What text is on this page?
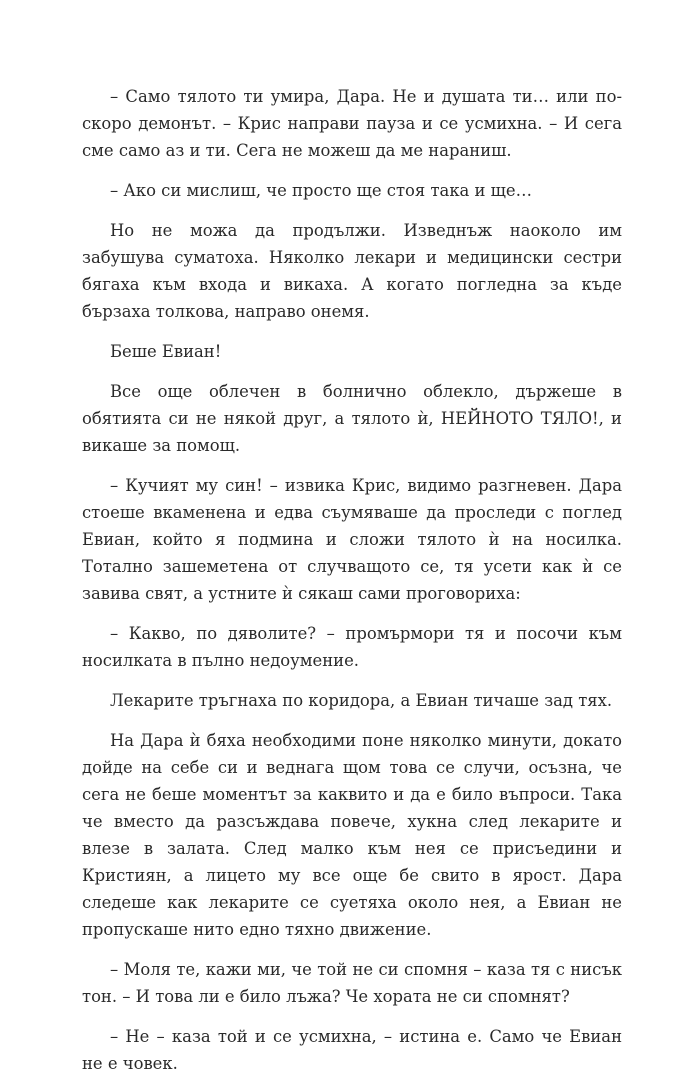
– Само тялото ти умира, Дара. Не и душата ти… или по-скоро демонът. – Крис направи пауза и се усмихна. – И сега сме само аз и ти. Сега не можеш да ме нараниш.

– Ако си мислиш, че просто ще стоя така и ще…

Но не можа да продължи. Изведнъж наоколо им забушува суматоха. Няколко лекари и медицински сестри бягаха към входа и викаха. А когато погледна за къде бързаха толкова, направо онемя.

Беше Евиан!

Все още облечен в болнично облекло, държеше в обятията си не някой друг, а тялото ѝ, НЕЙНОТО ТЯЛО!, и викаше за помощ.

– Кучият му син! – извика Крис, видимо разгневен. Дара стоеше вкаменена и едва съумяваше да проследи с поглед Евиан, който я подмина и сложи тялото ѝ на носилка. Тотално зашеметена от случващото се, тя усети как ѝ се завива свят, а устните ѝ сякаш сами проговориха:

– Какво, по дяволите? – промърмори тя и посочи към носилката в пълно недоумение.

Лекарите тръгнаха по коридора, а Евиан тичаше зад тях.

На Дара ѝ бяха необходими поне няколко минути, докато дойде на себе си и веднага щом това се случи, осъзна, че сега не беше моментът за каквито и да е било въпроси. Така че вместо да разсъждава повече, хукна след лекарите и влезе в залата. След малко към нея се присъедини и Кристиян, а лицето му все още бе свито в ярост. Дара следеше как лекарите се суетяха около нея, а Евиан не пропускаше нито едно тяхно движение.

– Моля те, кажи ми, че той не си спомня – каза тя с нисък тон. – И това ли е било лъжа? Че хората не си спомнят?

– Не – каза той и се усмихна, – истина е. Само че Евиан не е човек.
